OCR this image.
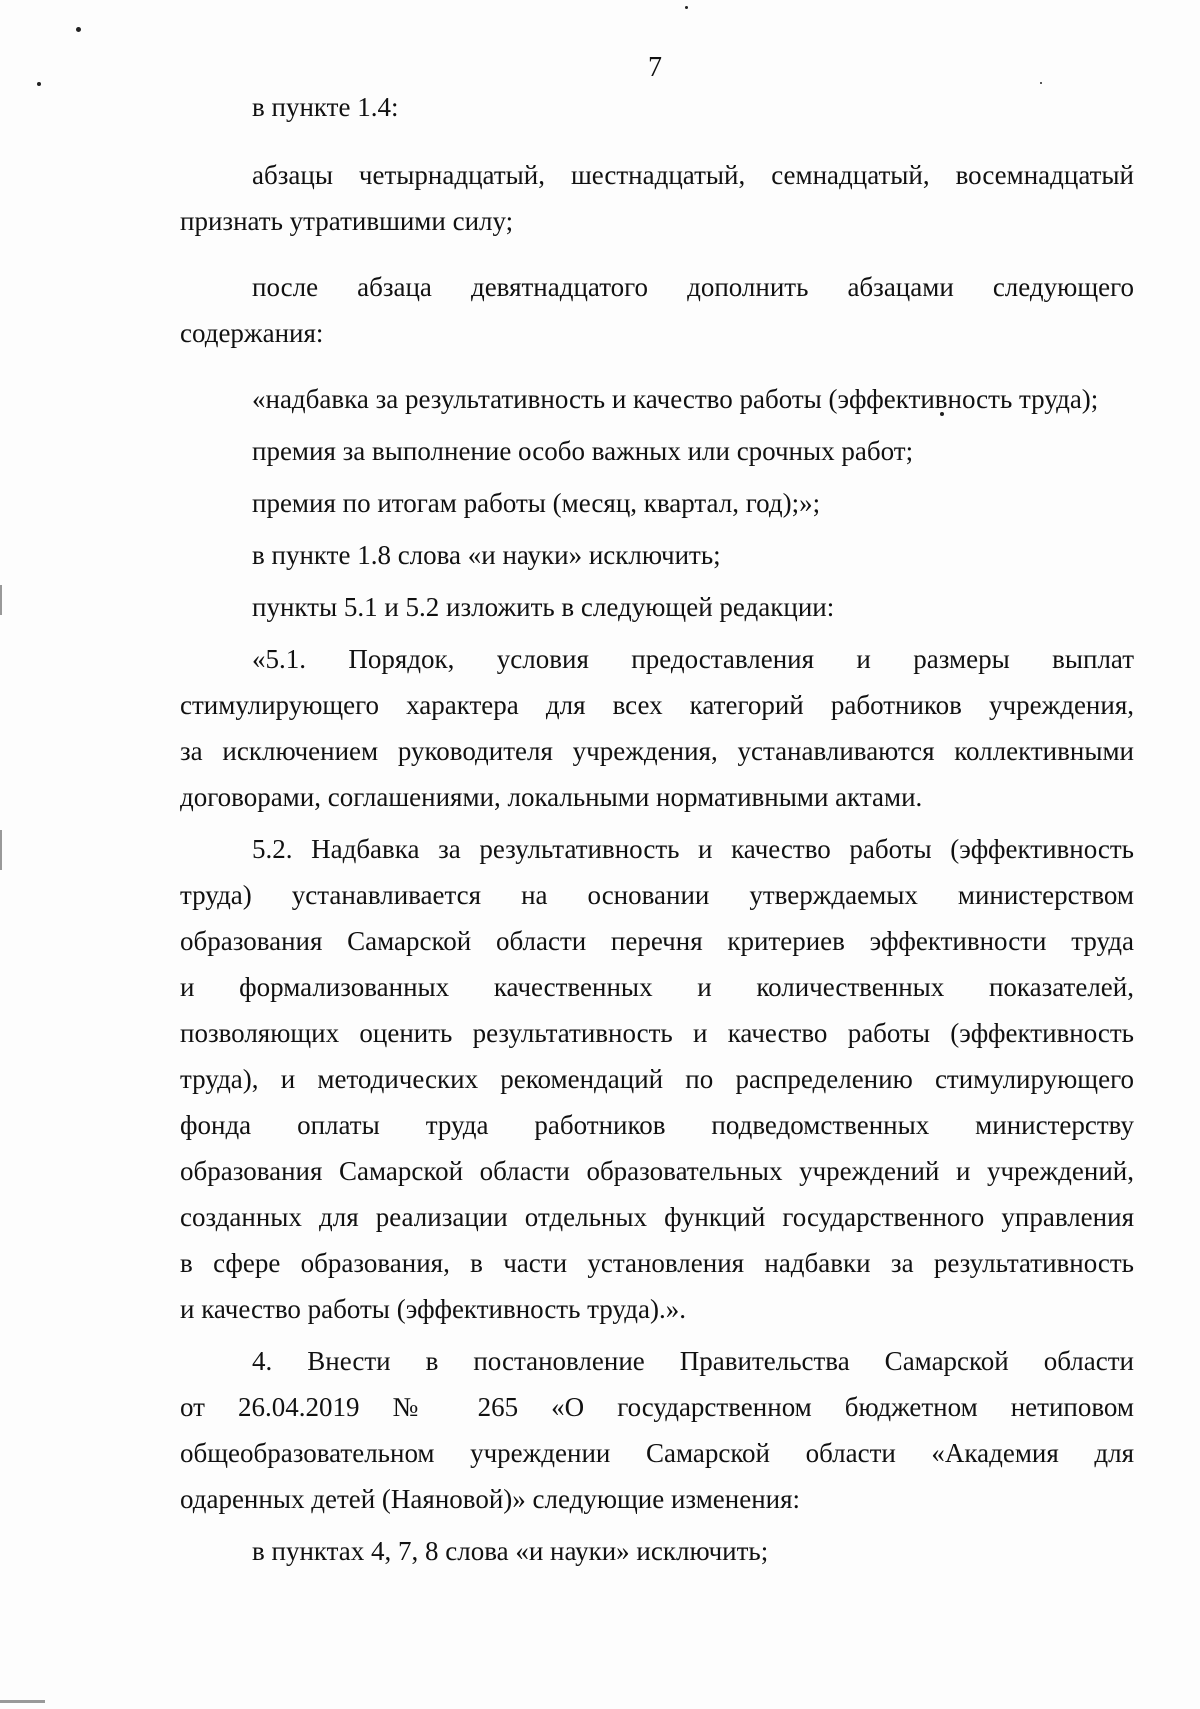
7

в пункте 1.4:

абзацы четырнадцатый, шестнадцатый, семнадцатый, восемнадцатый
признать утратившими силу;
после абзаца девятнадцатого дополнить абзацами следующего
содержания:

«надбавка за результативность и качество работы (эффективность труда);

премия за выполнение особо важных или срочных работ;

премия по итогам работы (месяц, квартал, год);»;

в пункте 1.8 слова «и науки» исключить;

пункты 5.1 и 5.2 изложить в следующей редакции:

«5.1. Порядок, условия предоставления и размеры выплат
стимулирующего характера для всех категорий работников учреждения,
за исключением руководителя учреждения, устанавливаются коллективными
договорами, соглашениями, локальными нормативными актами.
5.2. Надбавка за результативность и качество работы (эффективность
труда) устанавливается на основании утверждаемых министерством
образования Самарской области перечня критериев эффективности труда
и формализованных качественных и количественных показателей,
позволяющих оценить результативность и качество работы (эффективность
труда), и методических рекомендаций по распределению стимулирующего
фонда оплаты труда работников подведомственных министерству
образования Самарской области образовательных учреждений и учреждений,
созданных для реализации отдельных функций государственного управления
в сфере образования, в части установления надбавки за результативность
и качество работы (эффективность труда).».
4. Внести в постановление Правительства Самарской области
от 26.04.2019 № 265 «О государственном бюджетном нетиповом
общеобразовательном учреждении Самарской области «Академия для
одаренных детей (Наяновой)» следующие изменения:

в пунктах 4, 7, 8 слова «и науки» исключить;
